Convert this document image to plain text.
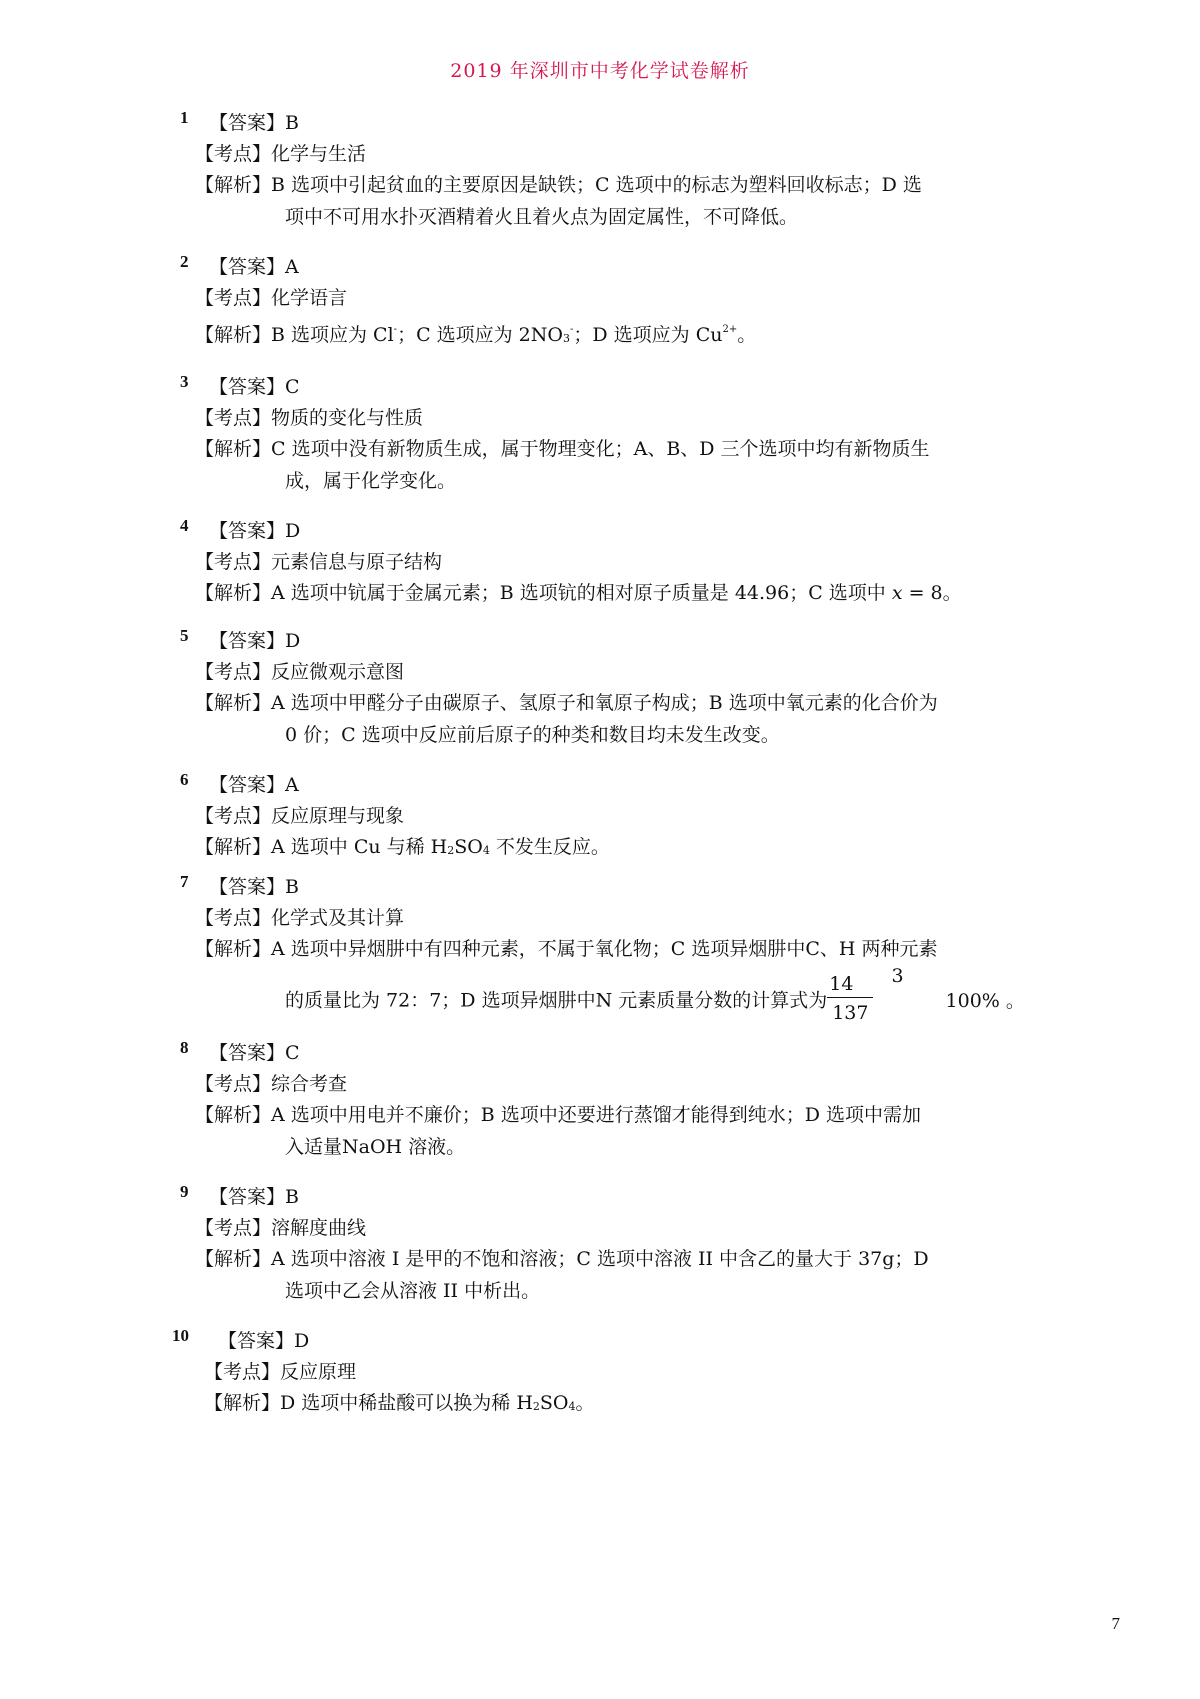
2019 年深圳市中考化学试卷解析
1 【答案】B
【考点】化学与生活
【解析】B 选项中引起贫血的主要原因是缺铁；C 选项中的标志为塑料回收标志；D 选
项中不可用水扑灭酒精着火且着火点为固定属性，不可降低。
2 【答案】A
【考点】化学语言
【解析】B 选项应为 Cl-；C 选项应为 $2NO_3^-$；D 选项应为 $Cu^{2+}$。
3 【答案】C
【考点】物质的变化与性质
【解析】C 选项中没有新物质生成，属于物理变化；A、B、D 三个选项中均有新物质生
成，属于化学变化。
4 【答案】D
【考点】元素信息与原子结构
【解析】A 选项中钪属于金属元素；B 选项钪的相对原子质量是 44.96；C 选项中 x = 8。
5 【答案】D
【考点】反应微观示意图
【解析】A 选项中甲醛分子由碳原子、氢原子和氧原子构成；B 选项中氧元素的化合价为
0 价；C 选项中反应前后原子的种类和数目均未发生改变。
6 【答案】A
【考点】反应原理与现象
【解析】A 选项中 Cu 与稀 $H_2SO_4$ 不发生反应。
7 【答案】B
【考点】化学式及其计算
【解析】A 选项中异烟肼中有四种元素，不属于氧化物；C 选项异烟肼中C、H 两种元素
的质量比为 72：7；D 选项异烟肼中N 元素质量分数的计算式为 $\frac{14}{137} 3100\%$ 。
8 【答案】C
【考点】综合考查
【解析】A 选项中用电并不廉价；B 选项中还要进行蒸馏才能得到纯水；D 选项中需加
入适量NaOH 溶液。
9 【答案】B
【考点】溶解度曲线
【解析】A 选项中溶液 I 是甲的不饱和溶液；C 选项中溶液 II 中含乙的量大于 37g；D
选项中乙会从溶液 II 中析出。
10 【答案】D
【考点】反应原理
【解析】D 选项中稀盐酸可以换为稀 $H_2SO_4$。
7
